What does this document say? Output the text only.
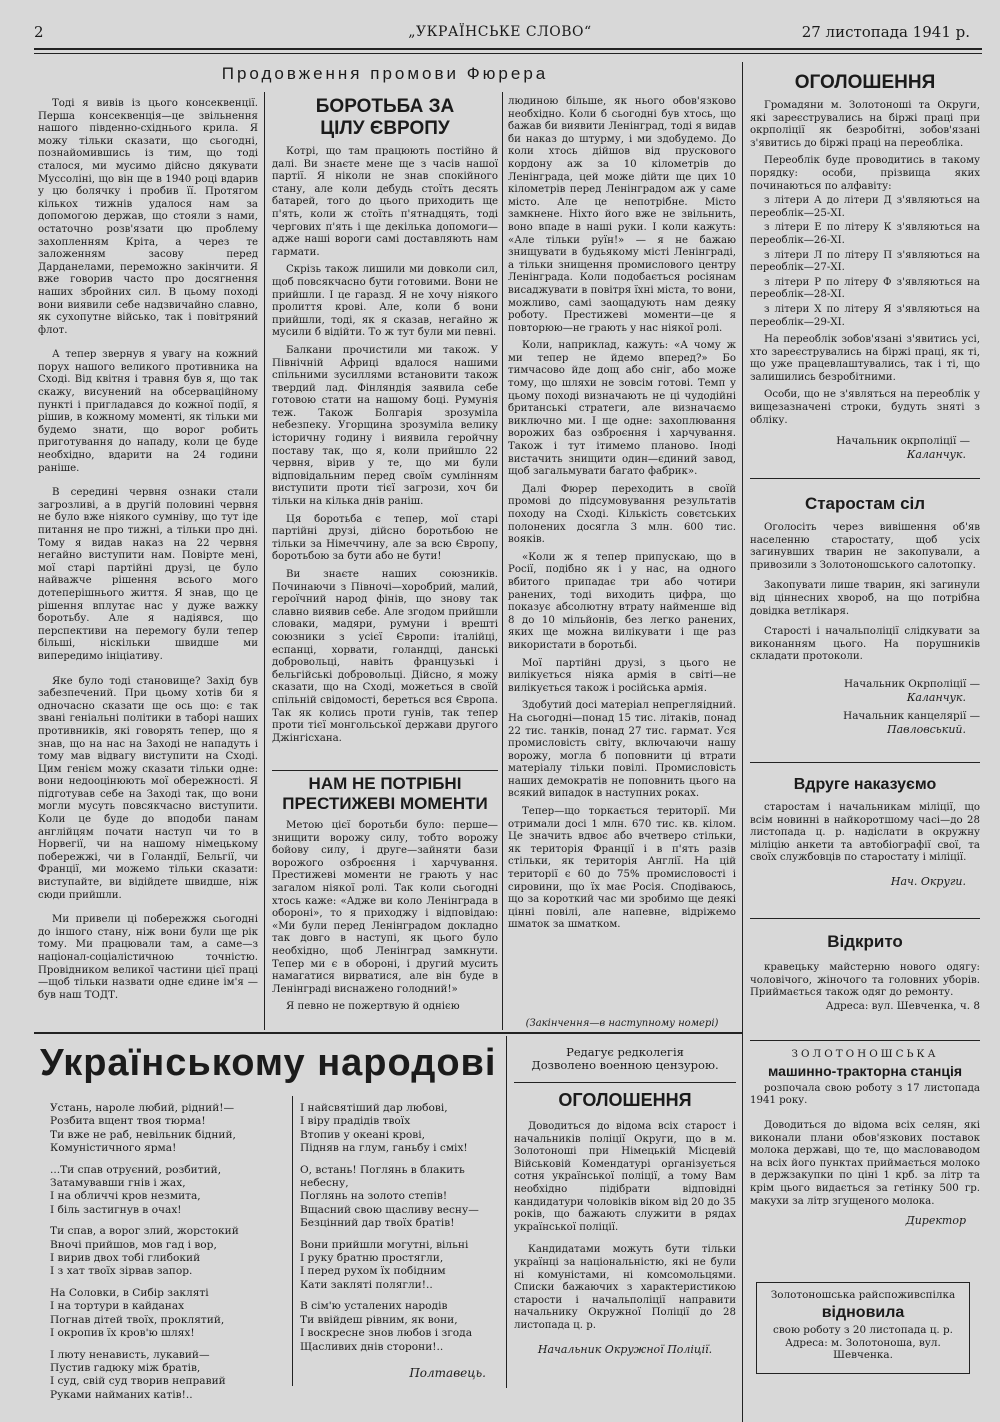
2	„УКРАЇНСЬКЕ СЛОВО“	27 листопада 1941 р.
Продовження промови Фюрера

Тоді я вивів із цього консеквенції. Перша консеквенція—це звільнення нашого південно-східнього крила. Я можу тільки сказати, що сьогодні, познайомившись із тим, що тоді сталося, ми мусимо дійсно дякувати Муссоліні, що він ще в 1940 році вдарив у цю болячку і пробив її. Протягом кількох тижнів удалося нам за допомогою держав, що стояли з нами, остаточно розв'язати цю проблему захопленням Кріта, а через те заложенням засову перед Дарданелами, переможно закінчити. Я вже говорив часто про досягнення наших збройних сил. В цьому поході вони виявили себе надзвичайно славно, як сухопутне військо, так і повітряний флот.

А тепер звернув я увагу на кожний порух нашого великого противника на Сході. Від квітня і травня був я, що так скажу, висунений на обсерваційному пункті і пригладався до кожної події, я рішив, в кожному моменті, як тільки ми будемо знати, що ворог робить приготування до нападу, коли це буде необхідно, вдарити на 24 години раніше.

В середині червня ознаки стали загрозливі, а в другій половині червня не було вже ніякого сумніву, що тут іде питання не про тижні, а тільки про дні. Тому я видав наказ на 22 червня негайно виступити нам. Повірте мені, мої старі партійні друзі, це було найважче рішення всього мого дотеперішнього життя. Я знав, що це рішення вплутає нас у дуже важку боротьбу. Але я надіявся, що перспективи на перемогу були тепер більші, ніскільки швидше ми випередимо ініціативу.

Яке було тоді становище? Захід був забезпечений. При цьому хотів би я одночасно сказати ще ось що: є так звані геніальні політики в таборі наших противників, які говорять тепер, що я знав, що на нас на Заході не нападуть і тому мав відвагу виступити на Сході. Цим генієм можу сказати тільки одне: вони недооцінюють мої обережності. Я підготував себе на Заході так, що вони могли мусуть повсякчасно виступити. Коли це буде до вподоби панам англійцям почати наступ чи то в Норвегії, чи на нашому німецькому побережжі, чи в Голандії, Бельгії, чи Франції, ми можемо тільки сказати: виступайте, ви відійдете швидше, ніж сюди прийшли.

Ми привели ці побережжя сьогодні до іншого стану, ніж вони були ще рік тому. Ми працювали там, а саме—з націонал-соціалістичною точністю. Провідником великої частини цієї праці—щоб тільки назвати одне єдине ім'я — був наш ТОДТ.

БОРОТЬБА ЗА ЦІЛУ ЄВРОПУ

Котрі, що там працюють постійно й далі. Ви знаєте мене ще з часів нашої партії. Я ніколи не знав спокійного стану, але коли дебудь стоїть десять батарей, того до цього приходить ще п'ять, коли ж стоїть п'ятнадцять, тоді чергових п'ять і ще декілька допомоги—адже наші вороги самі доставляють нам гармати.

Скрізь також лишили ми довколи сил, щоб повсякчасно бути готовими. Вони не прийшли. І це гаразд. Я не хочу ніякого пролиття крові. Але, коли б вони прийшли, тоді, як я сказав, негайно ж мусили б відійти. То ж тут були ми певні.

Балкани прочистили ми також. У Північній Африці вдалося нашими спільними зусиллями встановити також твердий лад. Фінляндія заявила себе готовою стати на нашому боці. Румунія теж. Також Болгарія зрозуміла небезпеку. Угорщина зрозуміла велику історичну годину і виявила геройчну поставу так, що я, коли прийшло 22 червня, вірив у те, що ми були відповідальним перед своїм сумлінням виступити проти тієї загрози, хоч би тільки на кілька днів раніш.

Ця боротьба є тепер, мої старі партійні друзі, дійсно боротьбою не тільки за Німеччину, але за всю Європу, боротьбою за бути або не бути!

Ви знаєте наших союзників. Починаючи з Півночі—хоробрий, малий, героїчний народ фінів, що знову так славно виявив себе. Але згодом прийшли словаки, мадяри, румуни і врешті союзники з усієї Європи: італійці, еспанці, хорвати, голандці, данські добровольці, навіть французькі і бельгійські добровольці. Дійсно, я можу сказати, що на Сході, можеться в своїй спільній свідомості, береться вся Європа. Так як колись проти гунів, так тепер проти тієї монгольської держави другого Джінгісхана.

НАМ НЕ ПОТРІБНІ ПРЕСТИЖЕВІ МОМЕНТИ

Метою цієї боротьби було: перше—знищити ворожу силу, тобто ворожу бойову силу, і друге—зайняти бази ворожого озброєння і харчування. Престижеві моменти не грають у нас загалом ніякої ролі. Так коли сьогодні хтось каже: «Адже ви коло Ленінграда в обороні», то я приходжу і відповідаю: «Ми були перед Ленінградом докладно так довго в наступі, як цього було необхідно, щоб Ленінград замкнути. Тепер ми є в обороні, і другий мусить намагатися вирватися, але він буде в Ленінграді виснажено голодний!»

Я певно не пожертвую й однією

людиною більше, як нього обов'язково необхідно. Коли б сьогодні був хтось, що бажав би виявити Ленінград, тоді я видав би наказ до штурму, і ми здобудемо. До коли хтось дійшов від прускового кордону аж за 10 кілометрів до Ленінграда, цей може дійти ще цих 10 кілометрів перед Ленінградом аж у саме місто. Але це непотрібне. Місто замкнене. Ніхто його вже не звільнить, воно впаде в наші руки. І коли кажуть: «Але тільки руїн!» — я не бажаю знищувати в будьякому місті Ленінграді, а тільки знищення промислового центру Ленінграда. Коли подобається росіянам висаджувати в повітря їхні міста, то вони, можливо, самі заощадують нам деяку роботу. Престижеві моменти—це я повторюю—не грають у нас ніякої ролі.

Коли, наприклад, кажуть: «А чому ж ми тепер не йдемо вперед?» Бо тимчасово йде дощ або сніг, або може тому, що шляхи не зовсім готові. Темп у цьому поході визначають не ці чудодійні британські стратеги, але визначаємо виключно ми. І ще одне: захоплювання ворожих баз озброєння і харчування. Також і тут ітимемо планово. Іноді вистачить знищити один—єдиний завод, щоб загальмувати багато фабрик».

Далі Фюрер переходить в своїй промові до підсумовування результатів походу на Сході. Кількість совєтських полонених досягла 3 млн. 600 тис. вояків.

«Коли ж я тепер припускаю, що в Росії, подібно як і у нас, на одного вбитого припадає три або чотири ранених, тоді виходить цифра, що показує абсолютну втрату найменше від 8 до 10 мільйонів, без легко ранених, яких ще можна вилікувати і ще раз використати в боротьбі.

Мої партійні друзі, з цього не вилікується ніяка армія в світі—не вилікується також і російська армія.

Здобутий досі матеріал непрегляідний. На сьогодні—понад 15 тис. літаків, понад 22 тис. танків, понад 27 тис. гармат. Уся промисловість світу, включаючи нашу ворожу, могла б поповнити ці втрати матеріалу тільки повілі. Промисловість наших демократів не поповнить цього на всякий випадок в наступних роках.

Тепер—що торкається території. Ми отримали досі 1 млн. 670 тис. кв. кілом. Це значить вдвоє або вчетверо стільки, як територія Франції і в п'ять разів стільки, як територія Англії. На цій території є 60 до 75% промисловості і сировини, що їх має Росія. Сподіваюсь, що за короткий час ми зробимо ще деякі цінні повілі, але напевне, відріжемо шматок за шматком.

(Закінчення—в наступному номері)
ОГОЛОШЕННЯ

Громадяни м. Золотоноші та Округи, які зареєструвались на біржі праці при окрполіції як безробітні, зобов'язані з'явитись до біржі праці на переобліка.

Переоблік буде проводитись в такому порядку: особи, прізвища яких починаються по алфавіту:

з літери А до літери Д з'являються на переоблік—25-XI.

з літери Е по літеру К з'являються на переоблік—26-XI.

з літери Л по літеру П з'являються на переоблік—27-XI.

з літери Р по літеру Ф з'являються на переоблік—28-XI.

з літери Х по літеру Я з'являються на переоблік—29-XI.

На переоблік зобов'язані з'явитись усі, хто зареєструвались на біржі праці, як ті, що уже працевлаштувались, так і ті, що залишились безробітними.

Особи, що не з'являться на переоблік у вищезазначені строки, будуть зняті з обліку.

Начальник окрполіції —

Каланчук.

Старостам сіл

Оголосіть через вивішення об'яв населенню старостату, щоб усіх загинувших тварин не закопували, а привозили з Золотоношського салотопку.

Закопувати лише тварин, які загинули від ціннесних хвороб, на що потрібна довідка ветлікаря.

Старості і начальполіції слідкувати за виконанням цього. На порушників складати протоколи.

Начальник Окрполіції —

Каланчук.

Начальник канцелярії —

Павловський.

Вдруге наказуємо

старостам і начальникам міліції, що всім новинні в найкоротшому часі—до 28 листопада ц. р. надіслати в окружну міліцію анкети та автобіографії свої, та своїх службовців по старостату і міліції.

Нач. Округи.

Відкрито

кравецьку майстерню нового одягу: чоловічого, жіночого та головних уборів. Приймається також одяг до ремонту.

Адреса: вул. Шевченка, ч. 8

ЗОЛОТОНОШСЬКА

машинно-тракторна станція

розпочала свою роботу з 17 листопада 1941 року.

Доводиться до відома всіх селян, які виконали плани обов'язкових поставок молока державі, що те, що масловаводом на всіх його пунктах приймається молоко в держзакупки по ціні 1 крб. за літр та крім цього видається за гетінку 500 гр. макухи за літр згущеного молока.

Директор

Золотоношська райспоживспілка

відновила

свою роботу з 20 листопада ц. р.

Адреса: м. Золотоноша, вул. Шевченка.

Українському народові

Устань, нароле любий, рідний!—

Розбита вщент твоя тюрма!

Ти вже не раб, невільник бідний,

Комуністичного ярма!

...Ти спав отруєний, розбитий,

Затамувавши гнів і жах,

І на обличчі кров незмита,

І біль застигнув в очах!

Ти спав, а ворог злий, жорстокий

Вночі прийшов, мов гад і вор,

І вирив двох тобі глибокий

І з хат твоїх зірвав запор.

На Соловки, в Сибір закляті

І на тортури в кайданах

Погнав дітей твоїх, проклятий,

І окропив їх кров'ю шлях!

І люту ненависть, лукавий—

Пустив гадюку між братів,

І суд, свій суд творив неправий

Руками найманих катів!..

І найсвятіший дар любові,

І віру прадідів твоїх

Втопив у океані крові,

Підняв на глум, ганьбу і сміх!

О, встань! Поглянь в блакить небесну,

Поглянь на золото степів!

Вщасний свою щасливу весну—

Безцінний дар твоїх братів!

Вони прийшли могутні, вільні

І руку братню простягли,

І перед рухом їх побідним

Кати закляті полягли!..

В сім'ю усталених народів

Ти ввійдеш рівним, як вони,

І воскресне знов любов і згода

Щасливих днів сторони!..

Полтавець.

Редагує редколегія

Дозволено военною цензурою.

ОГОЛОШЕННЯ

Доводиться до відома всіх старост і начальників поліції Округи, що в м. Золотоноші при Німецькій Місцевій Військовій Комендатурі організується сотня української поліції, а тому Вам необхідно підібрати відповідні кандидатури чоловіків віком від 20 до 35 років, що бажають служити в рядах української поліції.

Кандидатами можуть бути тільки українці за національністю, які не були ні комуністами, ні комсомольцями. Списки бажаючих з характеристикою старости і начальполіції направити начальнику Окружної Поліції до 28 листопада ц. р.

Начальник Окружної Поліції.
